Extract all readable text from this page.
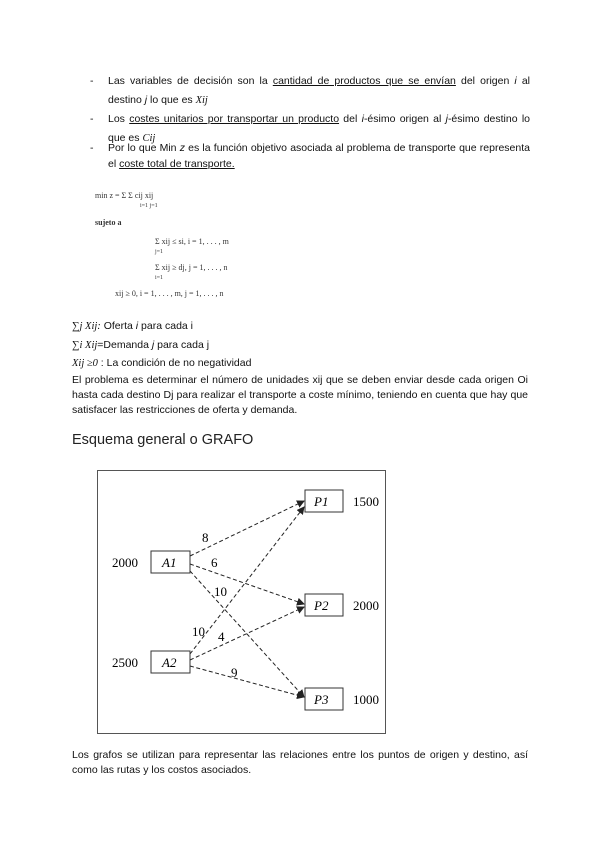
- Las variables de decisión son la cantidad de productos que se envían del origen i al destino j lo que es Xij
- Los costes unitarios por transportar un producto del i-ésimo origen al j-ésimo destino lo que es Cij
- Por lo que Min z es la función objetivo asociada al problema de transporte que representa el coste total de transporte.
min z = Σ Σ cij xij
i=1 j=1
sujeto a
Σ xij ≤ si, i = 1, . . . , m
j=1
Σ xij ≥ dj, j = 1, . . . , n
i=1
xij ≥ 0, i = 1, . . . , m, j = 1, . . . , n
∑j Xij: Oferta i para cada i
∑i Xij=Demanda j para cada j
Xij ≥0 : La condición de no negatividad

El problema es determinar el número de unidades xij que se deben enviar desde cada origen Oi hasta cada destino Dj para realizar el transporte a coste mínimo, teniendo en cuenta que hay que satisfacer las restricciones de oferta y demanda.

Esquema general o GRAFO
A1
2000
A2
2500
P1 1500
P2 2000
P3 1000
8
6
10
10 4
9

Los grafos se utilizan para representar las relaciones entre los puntos de origen y destino, así como las rutas y los costos asociados.
